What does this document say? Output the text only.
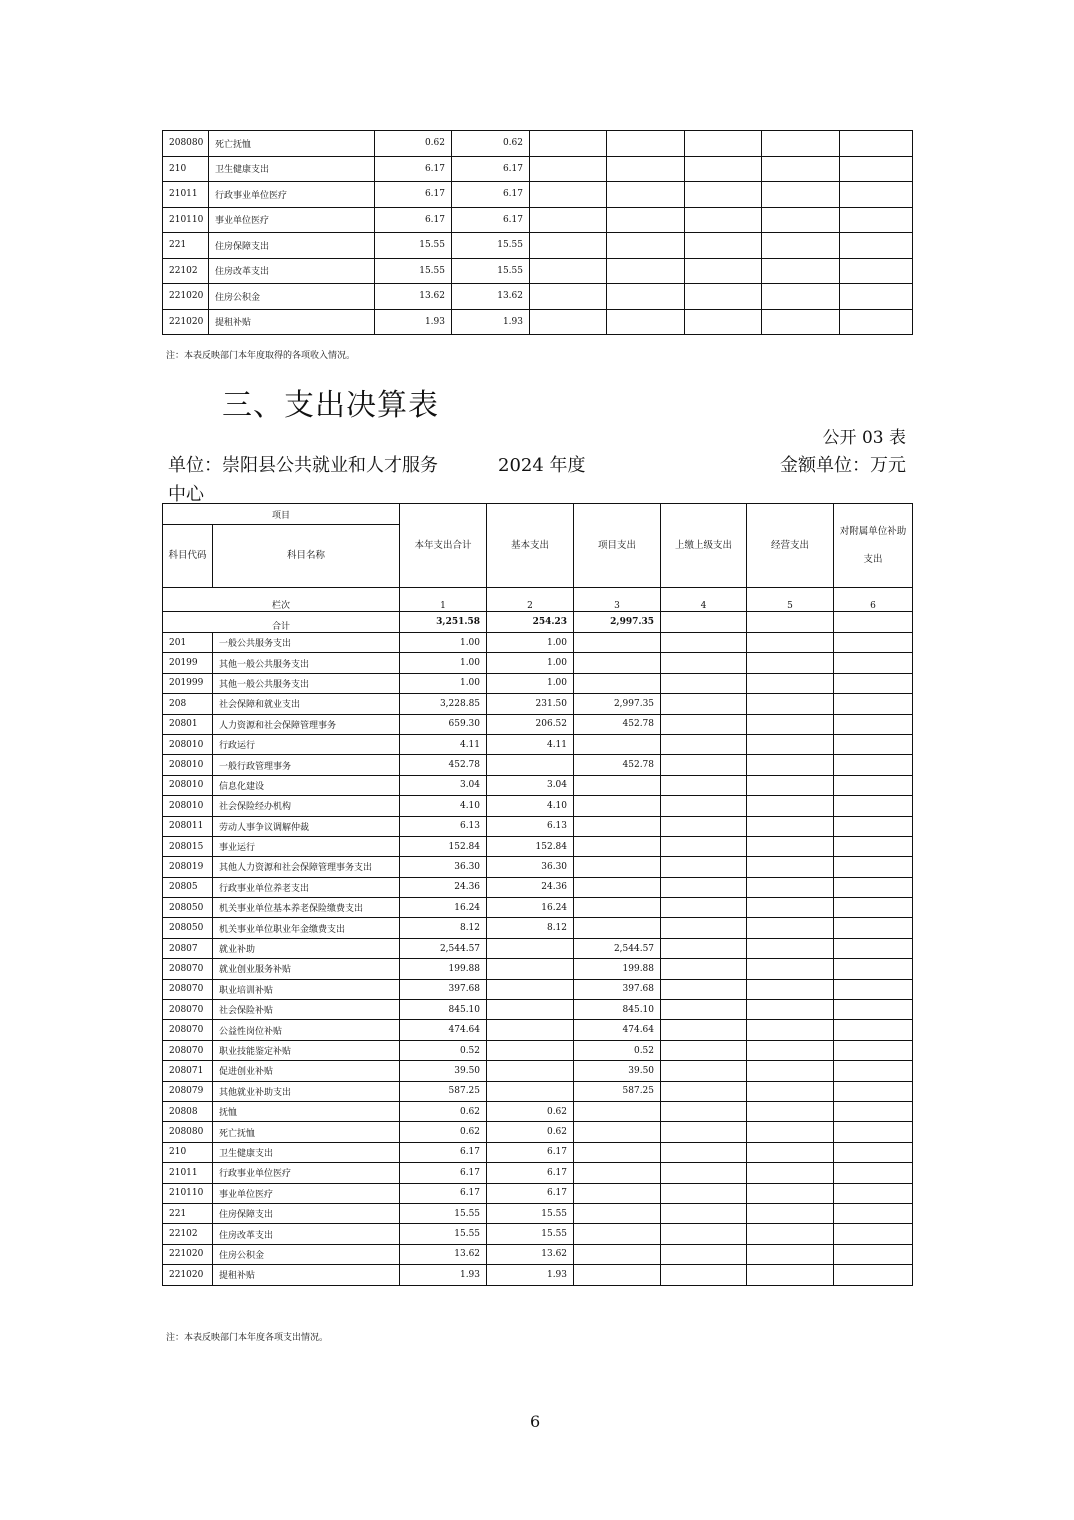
208080	死亡抚恤	0.62	0.62					
210	卫生健康支出	6.17	6.17					
21011	行政事业单位医疗	6.17	6.17					
210110	事业单位医疗	6.17	6.17					
221	住房保障支出	15.55	15.55					
22102	住房改革支出	15.55	15.55					
221020	住房公积金	13.62	13.62					
221020	提租补贴	1.93	1.93					
注：本表反映部门本年度取得的各项收入情况。
三、支出决算表
公开 03 表
单位：崇阳县公共就业和人才服务中心
2024 年度	金额单位：万元
项目		本年支出合计	基本支出	项目支出	上缴上级支出	经营支出	对附属单位补助支出
科目代码	科目名称						
栏次		1	2	3	4	5	6
合计		3,251.58	254.23	2,997.35			
201	一般公共服务支出	1.00	1.00				
20199	其他一般公共服务支出	1.00	1.00				
201999	其他一般公共服务支出	1.00	1.00				
208	社会保障和就业支出	3,228.85	231.50	2,997.35			
20801	人力资源和社会保障管理事务	659.30	206.52	452.78			
208010	行政运行	4.11	4.11				
208010	一般行政管理事务	452.78		452.78			
208010	信息化建设	3.04	3.04				
208010	社会保险经办机构	4.10	4.10				
208011	劳动人事争议调解仲裁	6.13	6.13				
208015	事业运行	152.84	152.84				
208019	其他人力资源和社会保障管理事务支出	36.30	36.30				
20805	行政事业单位养老支出	24.36	24.36				
208050	机关事业单位基本养老保险缴费支出	16.24	16.24				
208050	机关事业单位职业年金缴费支出	8.12	8.12				
20807	就业补助	2,544.57		2,544.57			
208070	就业创业服务补贴	199.88		199.88			
208070	职业培训补贴	397.68		397.68			
208070	社会保险补贴	845.10		845.10			
208070	公益性岗位补贴	474.64		474.64			
208070	职业技能鉴定补贴	0.52		0.52			
208071	促进创业补贴	39.50		39.50			
208079	其他就业补助支出	587.25		587.25			
20808	抚恤	0.62	0.62				
208080	死亡抚恤	0.62	0.62				
210	卫生健康支出	6.17	6.17				
21011	行政事业单位医疗	6.17	6.17				
210110	事业单位医疗	6.17	6.17				
221	住房保障支出	15.55	15.55				
22102	住房改革支出	15.55	15.55				
221020	住房公积金	13.62	13.62				
221020	提租补贴	1.93	1.93				
注：本表反映部门本年度各项支出情况。
6
